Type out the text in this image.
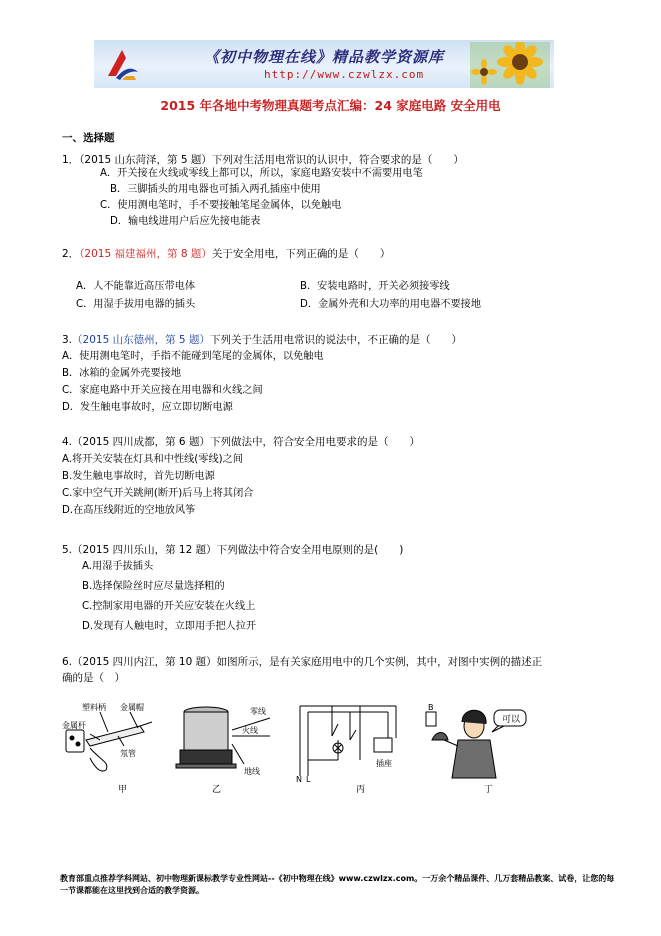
《初中物理在线》精品教学资源库
http://www.czwlzx.com
2015 年各地中考物理真题考点汇编：24 家庭电路 安全用电
一、选择题
1．（2015 山东菏泽，第 5 题）下列对生活用电常识的认识中，符合要求的是（　　）
A．开关接在火线或零线上都可以，所以，家庭电路安装中不需要用电笔
B．三脚插头的用电器也可插入两孔插座中使用
C．使用测电笔时，手不要接触笔尾金属体，以免触电
D．输电线进用户后应先接电能表
2．（2015 福建福州，第 8 题）关于安全用电，下列正确的是（　　）
A．人不能靠近高压带电体	B．安装电路时，开关必须接零线
C．用湿手拔用电器的插头	D．金属外壳和大功率的用电器不要接地
3.（2015 山东德州，第 5 题）下列关于生活用电常识的说法中，不正确的是（　　）
A．使用测电笔时，手指不能碰到笔尾的金属体，以免触电
B．冰箱的金属外壳要接地
C．家庭电路中开关应接在用电器和火线之间
D．发生触电事故时，应立即切断电源
4.（2015 四川成都，第 6 题）下列做法中，符合安全用电要求的是（　　）
A.将开关安装在灯具和中性线(零线)之间
B.发生触电事故时，首先切断电源
C.家中空气开关跳闸(断开)后马上将其闭合
D.在高压线附近的空地放风筝
5.（2015 四川乐山，第 12 题）下列做法中符合安全用电原则的是(　　)
A.用湿手拔插头
B.选择保险丝时应尽量选择粗的
C.控制家用电器的开关应安装在火线上
D.发现有人触电时，立即用手把人拉开
6.（2015 四川内江，第 10 题）如图所示，是有关家庭用电中的几个实例，其中，对图中实例的描述正
确的是（　）
塑料柄 金属帽
金属杆
氖管
零线
火线
地线
N L
插座
B
可以
甲	乙	丙	丁
教育部重点推荐学科网站、初中物理新课标教学专业性网站--《初中物理在线》www.czwlzx.com。一万余个精品课件、几万套精品教案、试卷，让您的每一节课都能在这里找到合适的教学资源。
